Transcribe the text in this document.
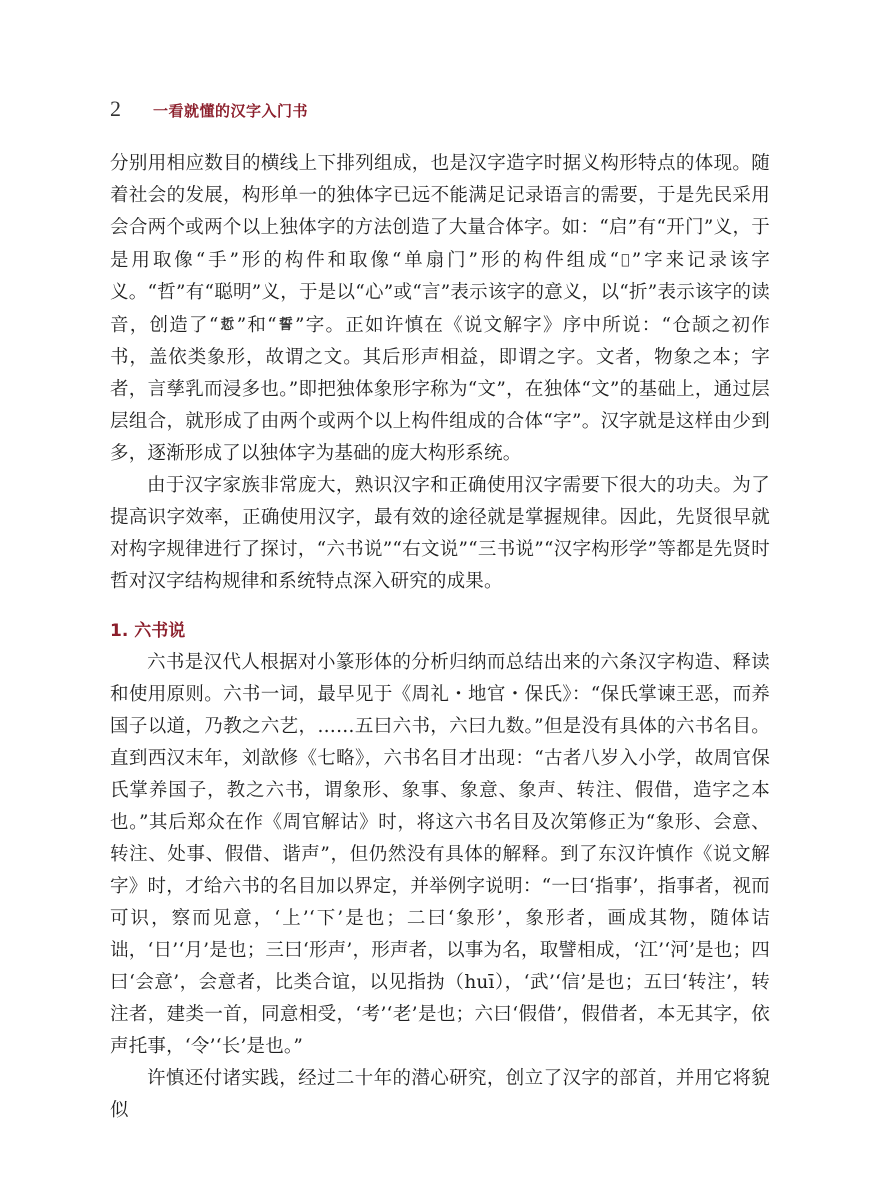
2 一看就懂的汉字入门书

分别用相应数目的横线上下排列组成，也是汉字造字时据义构形特点的体现。随着社会的发展，构形单一的独体字已远不能满足记录语言的需要，于是先民采用会合两个或两个以上独体字的方法创造了大量合体字。如：“启”有“开门”义，于是用取像“手”形的构件和取像“单扇门”形的构件组成“ 𢼸 ”字来记录该字义。“哲”有“聪明”义，于是以“心”或“言”表示该字的意义，以“折”表示该字的读音，创造了“ 悊 ”和“ 誓 ”字。正如许慎在《说文解字》序中所说：“仓颉之初作书，盖依类象形，故谓之文。其后形声相益，即谓之字。文者，物象之本；字者，言孳乳而浸多也。”即把独体象形字称为“文”，在独体“文”的基础上，通过层层组合，就形成了由两个或两个以上构件组成的合体“字”。汉字就是这样由少到多，逐渐形成了以独体字为基础的庞大构形系统。

由于汉字家族非常庞大，熟识汉字和正确使用汉字需要下很大的功夫。为了提高识字效率，正确使用汉字，最有效的途径就是掌握规律。因此，先贤很早就对构字规律进行了探讨，“六书说”“右文说”“三书说”“汉字构形学”等都是先贤时哲对汉字结构规律和系统特点深入研究的成果。

1. 六书说

六书是汉代人根据对小篆形体的分析归纳而总结出来的六条汉字构造、释读和使用原则。六书一词，最早见于《周礼・地官・保氏》：“保氏掌谏王恶，而养国子以道，乃教之六艺，……五曰六书，六曰九数。”但是没有具体的六书名目。直到西汉末年，刘歆修《七略》，六书名目才出现：“古者八岁入小学，故周官保氏掌养国子，教之六书，谓象形、象事、象意、象声、转注、假借，造字之本也。”其后郑众在作《周官解诂》时，将这六书名目及次第修正为“象形、会意、转注、处事、假借、谐声”，但仍然没有具体的解释。到了东汉许慎作《说文解字》时，才给六书的名目加以界定，并举例字说明：“一曰‘指事’，指事者，视而可识，察而见意，‘上’‘下’是也；二曰‘象形’，象形者，画成其物，随体诘诎，‘日’‘月’是也；三曰‘形声’，形声者，以事为名，取譬相成，‘江’‘河’是也；四曰‘会意’，会意者，比类合谊，以见指㧑（huī），‘武’‘信’是也；五曰‘转注’，转注者，建类一首，同意相受，‘考’‘老’是也；六曰‘假借’，假借者，本无其字，依声托事，‘令’‘长’是也。”

许慎还付诸实践，经过二十年的潜心研究，创立了汉字的部首，并用它将貌似
